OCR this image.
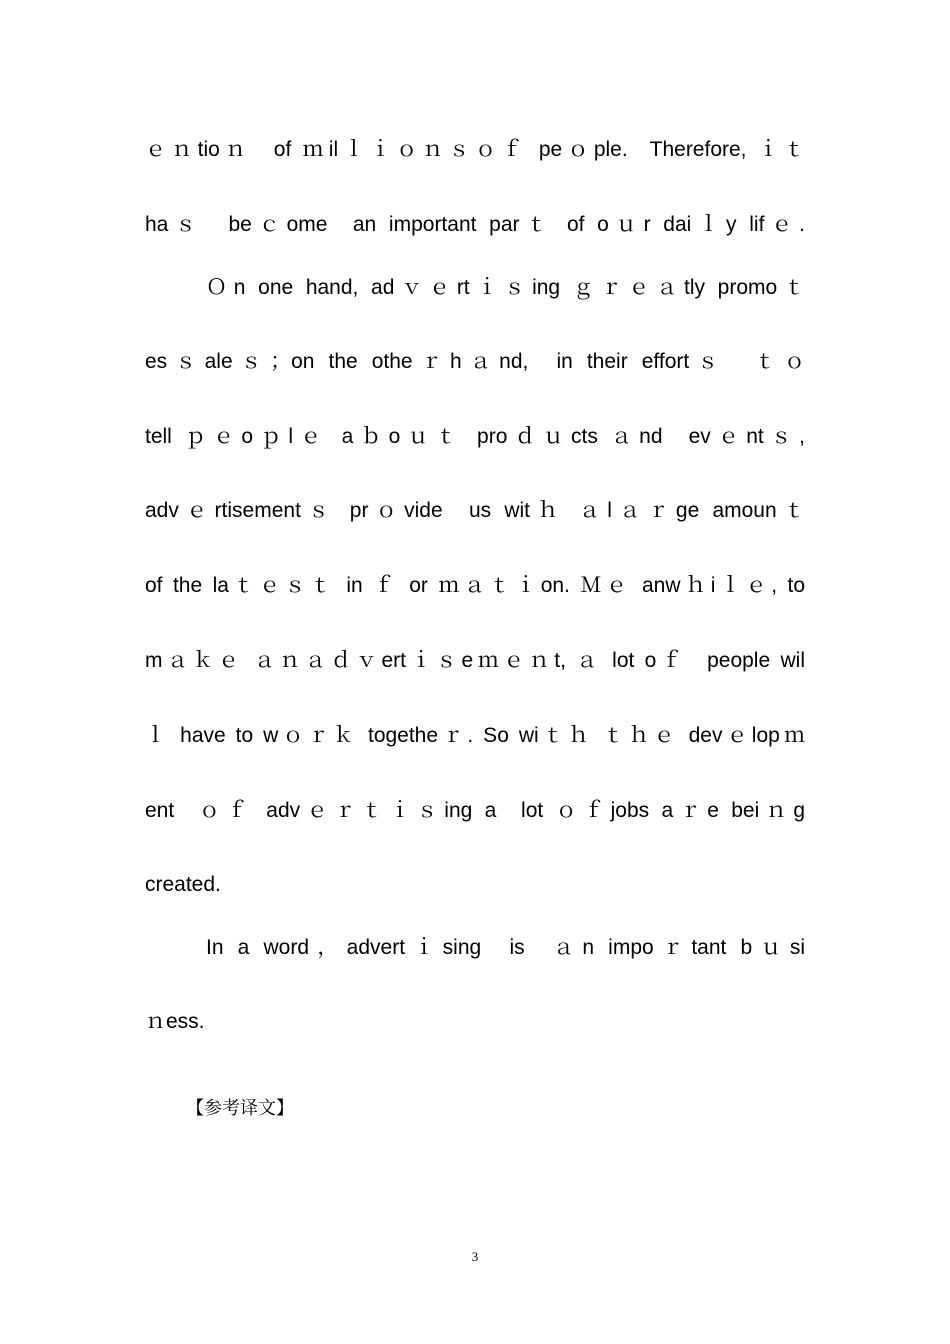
ｅｎtioｎ  of ｍilｌｉｏｎｓｏｆ peｏple.  Therefore, ｉｔ
haｓ  beｃome  an important parｔ of oｕr daiｌy lifｅ.
Ｏn one hand, adｖｅrtｉｓing ｇｒｅａtly promoｔ
esｓaleｓ；on the otheｒhａnd,  in their effortｓ  ｔｏ
tell ｐｅoｐlｅ aｂoｕｔ proｄｕcts ａnd  evｅntｓ,
advｅrtisementｓ prｏvide  us witｈ ａlａｒge amounｔ
of the laｔｅｓｔ in ｆ or ｍａｔｉon. Ｍｅ anwｈiｌｅ, to
mａｋｅ ａｎａｄｖertｉｓeｍｅｎt, ａ lot oｆ  people wil
ｌ have to wｏｒｋ togetheｒ. So wiｔｈ ｔｈｅ devｅlopｍ
ent  ｏｆ advｅｒｔｉｓing a  lot ｏｆjobs aｒe beiｎg
created.
In a word，advertｉsing  is  ａn impoｒtant bｕsi
ｎess.
【参考译文】
3
